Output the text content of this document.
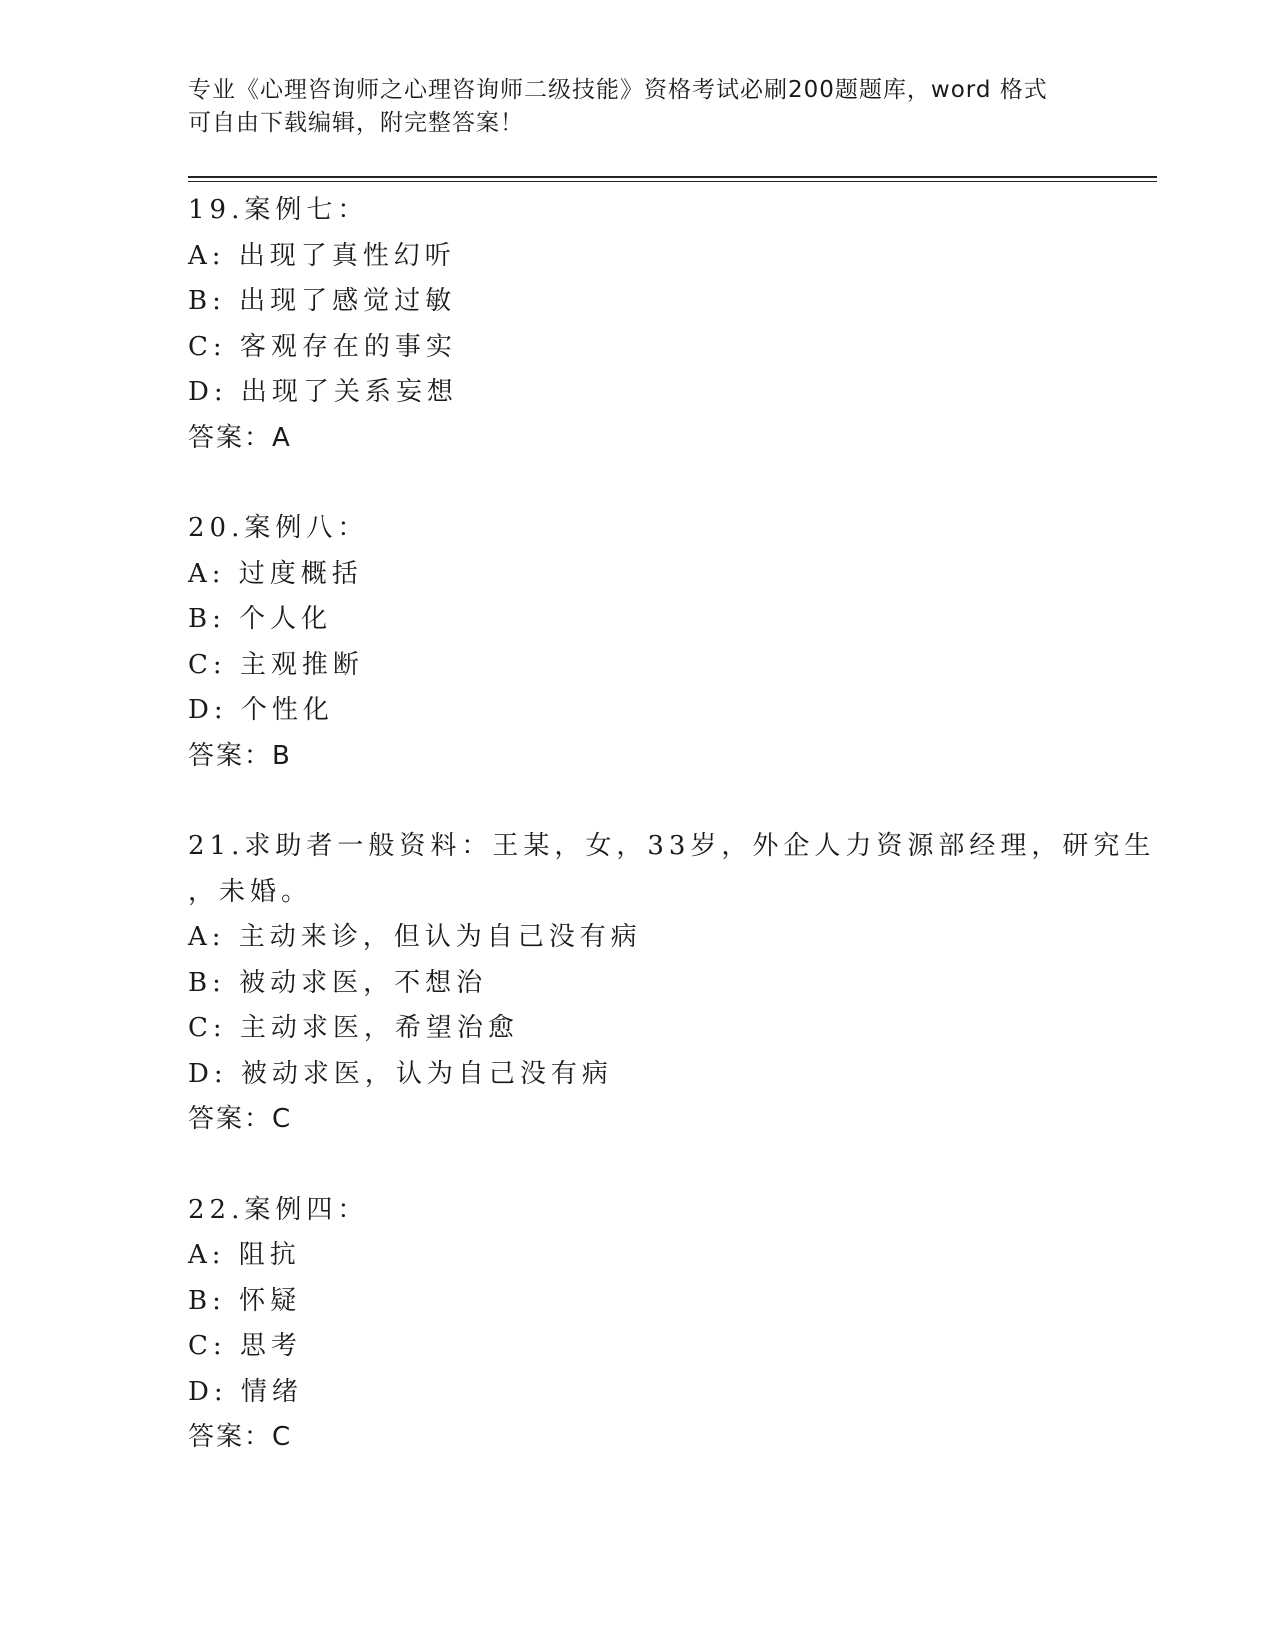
专业《心理咨询师之心理咨询师二级技能》资格考试必刷200题题库，word 格式
可自由下载编辑，附完整答案！
19.案例七：
A: 出现了真性幻听
B: 出现了感觉过敏
C: 客观存在的事实
D: 出现了关系妄想
答案：A
20.案例八：
A: 过度概括
B: 个人化
C: 主观推断
D: 个性化
答案：B
21.求助者一般资料：王某，女，33岁，外企人力资源部经理，研究生
，未婚。
A: 主动来诊，但认为自己没有病
B: 被动求医，不想治
C: 主动求医，希望治愈
D: 被动求医，认为自己没有病
答案：C
22.案例四：
A: 阻抗
B: 怀疑
C: 思考
D: 情绪
答案：C
